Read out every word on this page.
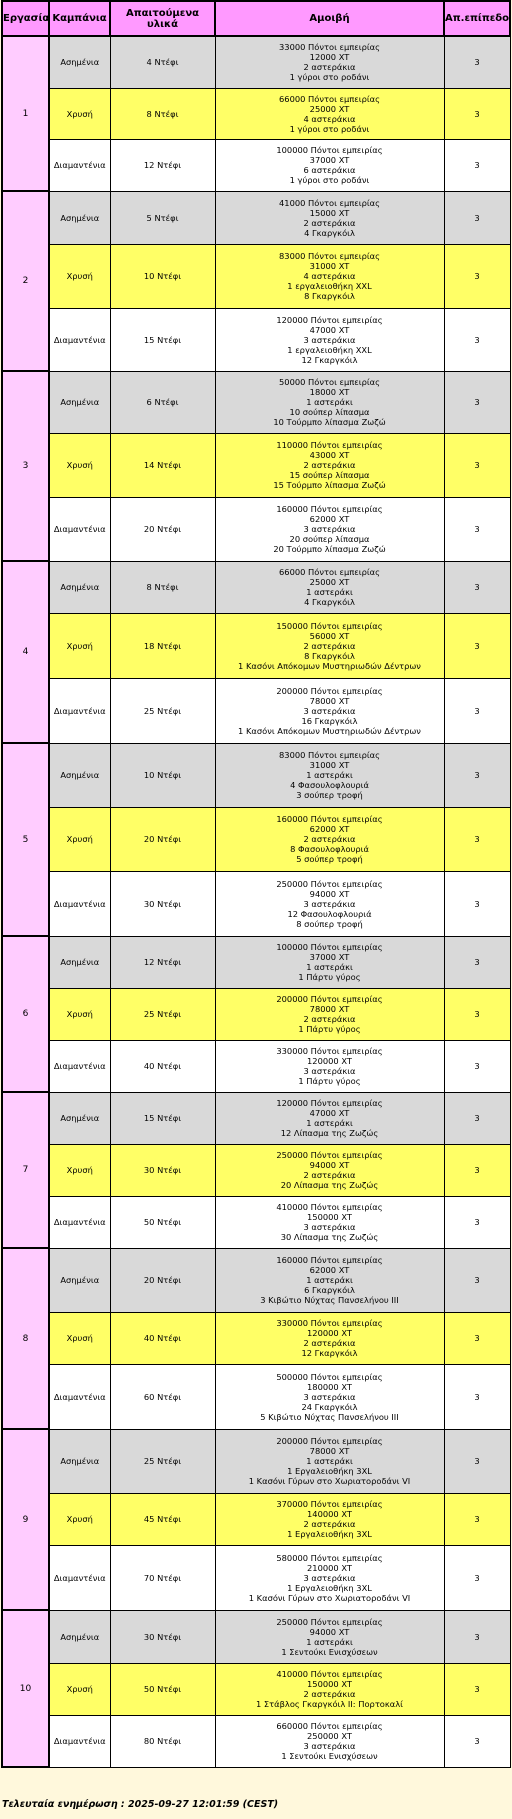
Εργασία	Καμπάνια	Απαιτούμενα υλικά	Αμοιβή	Απ.επίπεδο
1	Ασημένια	4 Ντέφι	33000 Πόντοι εμπειρίας
12000 XT
2 αστεράκια
1 γύροι στο ροδάνι	3
	Χρυσή	8 Ντέφι	66000 Πόντοι εμπειρίας
25000 XT
4 αστεράκια
1 γύροι στο ροδάνι	3
	Διαμαντένια	12 Ντέφι	100000 Πόντοι εμπειρίας
37000 XT
6 αστεράκια
1 γύροι στο ροδάνι	3
2	Ασημένια	5 Ντέφι	41000 Πόντοι εμπειρίας
15000 XT
2 αστεράκια
4 Γκαργκόιλ	3
	Χρυσή	10 Ντέφι	83000 Πόντοι εμπειρίας
31000 XT
4 αστεράκια
1 εργαλειοθήκη XXL
8 Γκαργκόιλ	3
	Διαμαντένια	15 Ντέφι	120000 Πόντοι εμπειρίας
47000 XT
3 αστεράκια
1 εργαλειοθήκη XXL
12 Γκαργκόιλ	3
3	Ασημένια	6 Ντέφι	50000 Πόντοι εμπειρίας
18000 XT
1 αστεράκι
10 σούπερ λίπασμα
10 Τούρμπο λίπασμα Ζωζώ	3
	Χρυσή	14 Ντέφι	110000 Πόντοι εμπειρίας
43000 XT
2 αστεράκια
15 σούπερ λίπασμα
15 Τούρμπο λίπασμα Ζωζώ	3
	Διαμαντένια	20 Ντέφι	160000 Πόντοι εμπειρίας
62000 XT
3 αστεράκια
20 σούπερ λίπασμα
20 Τούρμπο λίπασμα Ζωζώ	3
4	Ασημένια	8 Ντέφι	66000 Πόντοι εμπειρίας
25000 XT
1 αστεράκι
4 Γκαργκόιλ	3
	Χρυσή	18 Ντέφι	150000 Πόντοι εμπειρίας
56000 XT
2 αστεράκια
8 Γκαργκόιλ
1 Κασόνι Απόκομων Μυστηριωδών Δέντρων	3
	Διαμαντένια	25 Ντέφι	200000 Πόντοι εμπειρίας
78000 XT
3 αστεράκια
16 Γκαργκόιλ
1 Κασόνι Απόκομων Μυστηριωδών Δέντρων	3
5	Ασημένια	10 Ντέφι	83000 Πόντοι εμπειρίας
31000 XT
1 αστεράκι
4 Φασουλοφλουριά
3 σούπερ τροφή	3
	Χρυσή	20 Ντέφι	160000 Πόντοι εμπειρίας
62000 XT
2 αστεράκια
8 Φασουλοφλουριά
5 σούπερ τροφή	3
	Διαμαντένια	30 Ντέφι	250000 Πόντοι εμπειρίας
94000 XT
3 αστεράκια
12 Φασουλοφλουριά
8 σούπερ τροφή	3
6	Ασημένια	12 Ντέφι	100000 Πόντοι εμπειρίας
37000 XT
1 αστεράκι
1 Πάρτυ γύρος	3
	Χρυσή	25 Ντέφι	200000 Πόντοι εμπειρίας
78000 XT
2 αστεράκια
1 Πάρτυ γύρος	3
	Διαμαντένια	40 Ντέφι	330000 Πόντοι εμπειρίας
120000 XT
3 αστεράκια
1 Πάρτυ γύρος	3
7	Ασημένια	15 Ντέφι	120000 Πόντοι εμπειρίας
47000 XT
1 αστεράκι
12 Λίπασμα της Ζωζώς	3
	Χρυσή	30 Ντέφι	250000 Πόντοι εμπειρίας
94000 XT
2 αστεράκια
20 Λίπασμα της Ζωζώς	3
	Διαμαντένια	50 Ντέφι	410000 Πόντοι εμπειρίας
150000 XT
3 αστεράκια
30 Λίπασμα της Ζωζώς	3
8	Ασημένια	20 Ντέφι	160000 Πόντοι εμπειρίας
62000 XT
1 αστεράκι
6 Γκαργκόιλ
3 Κιβώτιο Νύχτας Πανσελήνου III	3
	Χρυσή	40 Ντέφι	330000 Πόντοι εμπειρίας
120000 XT
2 αστεράκια
12 Γκαργκόιλ	3
	Διαμαντένια	60 Ντέφι	500000 Πόντοι εμπειρίας
180000 XT
3 αστεράκια
24 Γκαργκόιλ
5 Κιβώτιο Νύχτας Πανσελήνου III	3
9	Ασημένια	25 Ντέφι	200000 Πόντοι εμπειρίας
78000 XT
1 αστεράκι
1 Εργαλειοθήκη 3XL
1 Κασόνι Γύρων στο Χωριατοροδάνι VI	3
	Χρυσή	45 Ντέφι	370000 Πόντοι εμπειρίας
140000 XT
2 αστεράκια
1 Εργαλειοθήκη 3XL	3
	Διαμαντένια	70 Ντέφι	580000 Πόντοι εμπειρίας
210000 XT
3 αστεράκια
1 Εργαλειοθήκη 3XL
1 Κασόνι Γύρων στο Χωριατοροδάνι VI	3
10	Ασημένια	30 Ντέφι	250000 Πόντοι εμπειρίας
94000 XT
1 αστεράκι
1 Σεντούκι Ενισχύσεων	3
	Χρυσή	50 Ντέφι	410000 Πόντοι εμπειρίας
150000 XT
2 αστεράκια
1 Στάβλος Γκαργκόιλ II: Πορτοκαλί	3
	Διαμαντένια	80 Ντέφι	660000 Πόντοι εμπειρίας
250000 XT
3 αστεράκια
1 Σεντούκι Ενισχύσεων	3
Τελευταία ενημέρωση : 2025-09-27 12:01:59 (CEST)
